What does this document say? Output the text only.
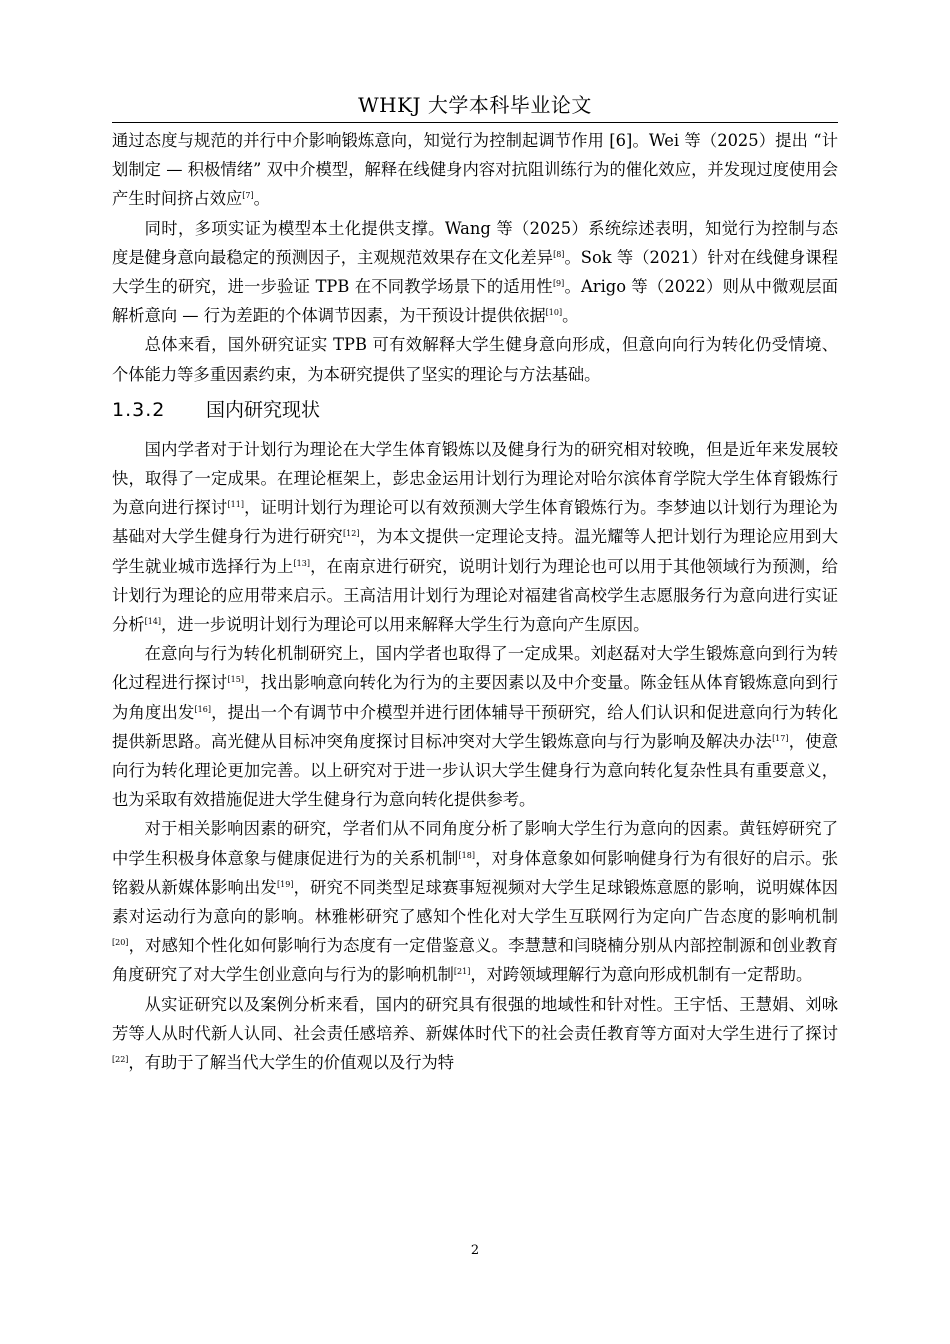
WHKJ 大学本科毕业论文

通过态度与规范的并行中介影响锻炼意向，知觉行为控制起调节作用 [6]。Wei 等（2025）提出 “计划制定 — 积极情绪” 双中介模型，解释在线健身内容对抗阻训练行为的催化效应，并发现过度使用会产生时间挤占效应[7]。

同时，多项实证为模型本土化提供支撑。Wang 等（2025）系统综述表明，知觉行为控制与态度是健身意向最稳定的预测因子，主观规范效果存在文化差异[8]。Sok 等（2021）针对在线健身课程大学生的研究，进一步验证 TPB 在不同教学场景下的适用性[9]。Arigo 等（2022）则从中微观层面解析意向 — 行为差距的个体调节因素，为干预设计提供依据[10]。

总体来看，国外研究证实 TPB 可有效解释大学生健身意向形成，但意向向行为转化仍受情境、个体能力等多重因素约束，为本研究提供了坚实的理论与方法基础。

1.3.2 国内研究现状

国内学者对于计划行为理论在大学生体育锻炼以及健身行为的研究相对较晚，但是近年来发展较快，取得了一定成果。在理论框架上，彭忠金运用计划行为理论对哈尔滨体育学院大学生体育锻炼行为意向进行探讨[11]，证明计划行为理论可以有效预测大学生体育锻炼行为。李梦迪以计划行为理论为基础对大学生健身行为进行研究[12]，为本文提供一定理论支持。温光耀等人把计划行为理论应用到大学生就业城市选择行为上[13]，在南京进行研究，说明计划行为理论也可以用于其他领域行为预测，给计划行为理论的应用带来启示。王高洁用计划行为理论对福建省高校学生志愿服务行为意向进行实证分析[14]，进一步说明计划行为理论可以用来解释大学生行为意向产生原因。

在意向与行为转化机制研究上，国内学者也取得了一定成果。刘赵磊对大学生锻炼意向到行为转化过程进行探讨[15]，找出影响意向转化为行为的主要因素以及中介变量。陈金钰从体育锻炼意向到行为角度出发[16]，提出一个有调节中介模型并进行团体辅导干预研究，给人们认识和促进意向行为转化提供新思路。高光健从目标冲突角度探讨目标冲突对大学生锻炼意向与行为影响及解决办法[17]，使意向行为转化理论更加完善。以上研究对于进一步认识大学生健身行为意向转化复杂性具有重要意义，也为采取有效措施促进大学生健身行为意向转化提供参考。

对于相关影响因素的研究，学者们从不同角度分析了影响大学生行为意向的因素。黄钰婷研究了中学生积极身体意象与健康促进行为的关系机制[18]，对身体意象如何影响健身行为有很好的启示。张铭毅从新媒体影响出发[19]，研究不同类型足球赛事短视频对大学生足球锻炼意愿的影响，说明媒体因素对运动行为意向的影响。林雅彬研究了感知个性化对大学生互联网行为定向广告态度的影响机制[20]，对感知个性化如何影响行为态度有一定借鉴意义。李慧慧和闫晓楠分别从内部控制源和创业教育角度研究了对大学生创业意向与行为的影响机制[21]，对跨领域理解行为意向形成机制有一定帮助。

从实证研究以及案例分析来看，国内的研究具有很强的地域性和针对性。王宇恬、王慧娟、刘咏芳等人从时代新人认同、社会责任感培养、新媒体时代下的社会责任教育等方面对大学生进行了探讨[22]，有助于了解当代大学生的价值观以及行为特

2
